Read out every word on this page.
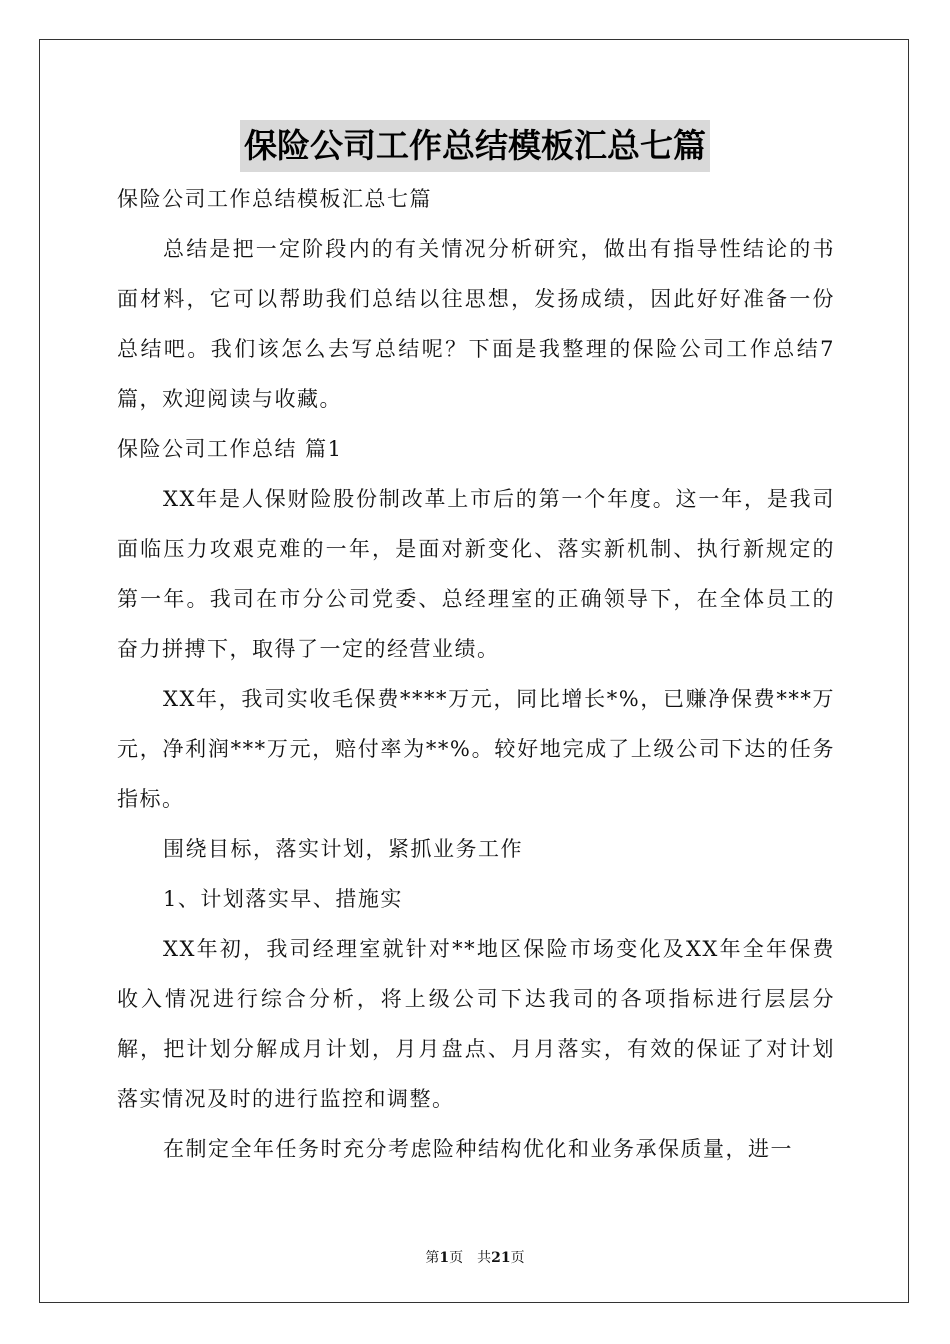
保险公司工作总结模板汇总七篇

保险公司工作总结模板汇总七篇

总结是把一定阶段内的有关情况分析研究，做出有指导性结论的书面材料，它可以帮助我们总结以往思想，发扬成绩，因此好好准备一份总结吧。我们该怎么去写总结呢？下面是我整理的保险公司工作总结7篇，欢迎阅读与收藏。

保险公司工作总结 篇1

XX年是人保财险股份制改革上市后的第一个年度。这一年，是我司面临压力攻艰克难的一年，是面对新变化、落实新机制、执行新规定的第一年。我司在市分公司党委、总经理室的正确领导下，在全体员工的奋力拼搏下，取得了一定的经营业绩。

XX年，我司实收毛保费****万元，同比增长*%，已赚净保费***万元，净利润***万元，赔付率为**%。较好地完成了上级公司下达的任务指标。

围绕目标，落实计划，紧抓业务工作

1、计划落实早、措施实

XX年初，我司经理室就针对**地区保险市场变化及XX年全年保费收入情况进行综合分析，将上级公司下达我司的各项指标进行层层分解，把计划分解成月计划，月月盘点、月月落实，有效的保证了对计划落实情况及时的进行监控和调整。

在制定全年任务时充分考虑险种结构优化和业务承保质量，进一

第1页 共21页
